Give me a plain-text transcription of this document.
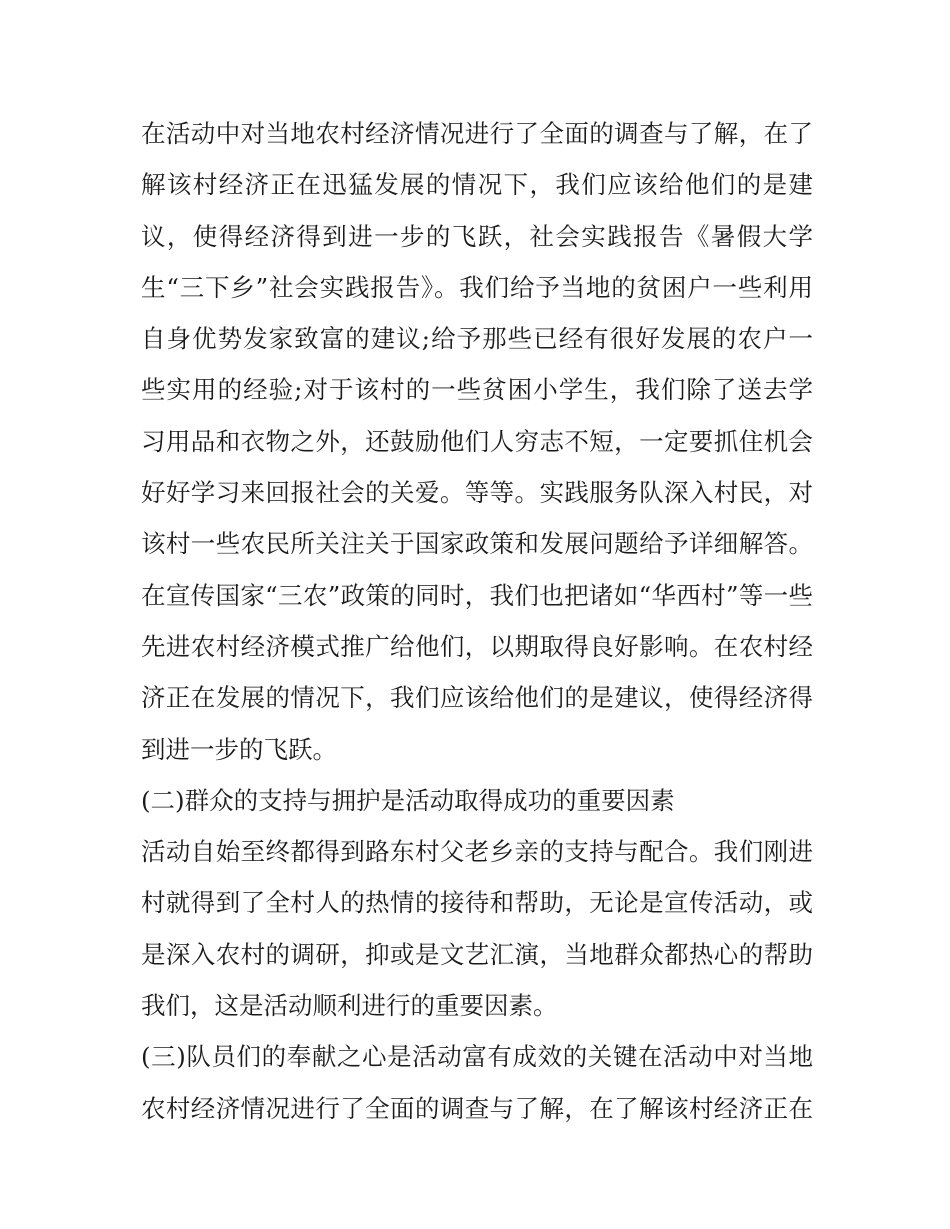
在活动中对当地农村经济情况进行了全面的调查与了解，在了
解该村经济正在迅猛发展的情况下，我们应该给他们的是建
议，使得经济得到进一步的飞跃，社会实践报告《暑假大学
生“三下乡”社会实践报告》。我们给予当地的贫困户一些利用
自身优势发家致富的建议;给予那些已经有很好发展的农户一
些实用的经验;对于该村的一些贫困小学生，我们除了送去学
习用品和衣物之外，还鼓励他们人穷志不短，一定要抓住机会
好好学习来回报社会的关爱。等等。实践服务队深入村民，对
该村一些农民所关注关于国家政策和发展问题给予详细解答。
在宣传国家“三农”政策的同时，我们也把诸如“华西村”等一些
先进农村经济模式推广给他们，以期取得良好影响。在农村经
济正在发展的情况下，我们应该给他们的是建议，使得经济得
到进一步的飞跃。
(二)群众的支持与拥护是活动取得成功的重要因素
活动自始至终都得到路东村父老乡亲的支持与配合。我们刚进
村就得到了全村人的热情的接待和帮助，无论是宣传活动，或
是深入农村的调研，抑或是文艺汇演，当地群众都热心的帮助
我们，这是活动顺利进行的重要因素。
(三)队员们的奉献之心是活动富有成效的关键在活动中对当地
农村经济情况进行了全面的调查与了解，在了解该村经济正在
